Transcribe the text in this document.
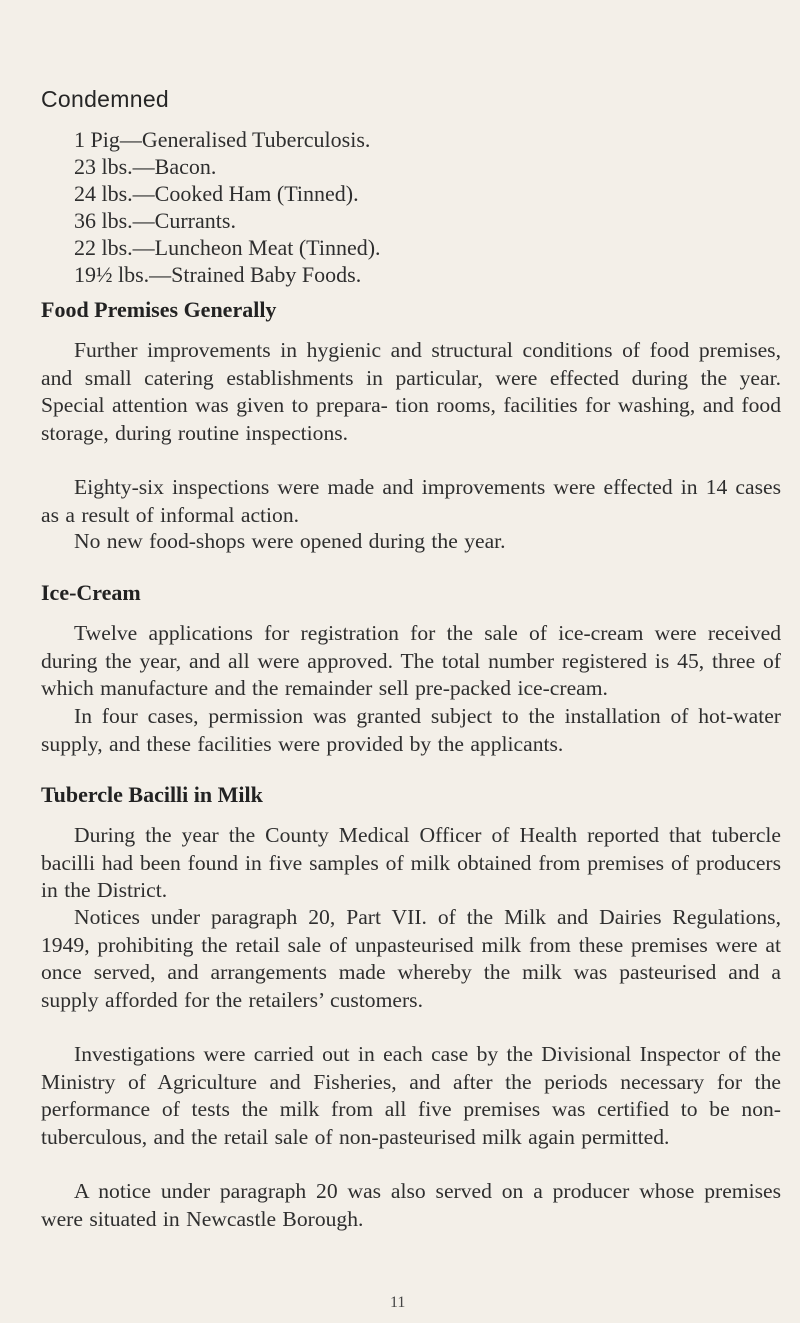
Condemned
1 Pig—Generalised Tuberculosis.
23 lbs.—Bacon.
24 lbs.—Cooked Ham (Tinned).
36 lbs.—Currants.
22 lbs.—Luncheon Meat (Tinned).
19½ lbs.—Strained Baby Foods.
Food Premises Generally
Further improvements in hygienic and structural conditions of food premises, and small catering establishments in particular, were effected during the year. Special attention was given to prepara- tion rooms, facilities for washing, and food storage, during routine inspections.
Eighty-six inspections were made and improvements were effected in 14 cases as a result of informal action.
No new food-shops were opened during the year.
Ice-Cream
Twelve applications for registration for the sale of ice-cream were received during the year, and all were approved. The total number registered is 45, three of which manufacture and the remainder sell pre-packed ice-cream.
In four cases, permission was granted subject to the installation of hot-water supply, and these facilities were provided by the applicants.
Tubercle Bacilli in Milk
During the year the County Medical Officer of Health reported that tubercle bacilli had been found in five samples of milk obtained from premises of producers in the District.
Notices under paragraph 20, Part VII. of the Milk and Dairies Regulations, 1949, prohibiting the retail sale of unpasteurised milk from these premises were at once served, and arrangements made whereby the milk was pasteurised and a supply afforded for the retailers’ customers.
Investigations were carried out in each case by the Divisional Inspector of the Ministry of Agriculture and Fisheries, and after the periods necessary for the performance of tests the milk from all five premises was certified to be non-tuberculous, and the retail sale of non-pasteurised milk again permitted.
A notice under paragraph 20 was also served on a producer whose premises were situated in Newcastle Borough.
11
